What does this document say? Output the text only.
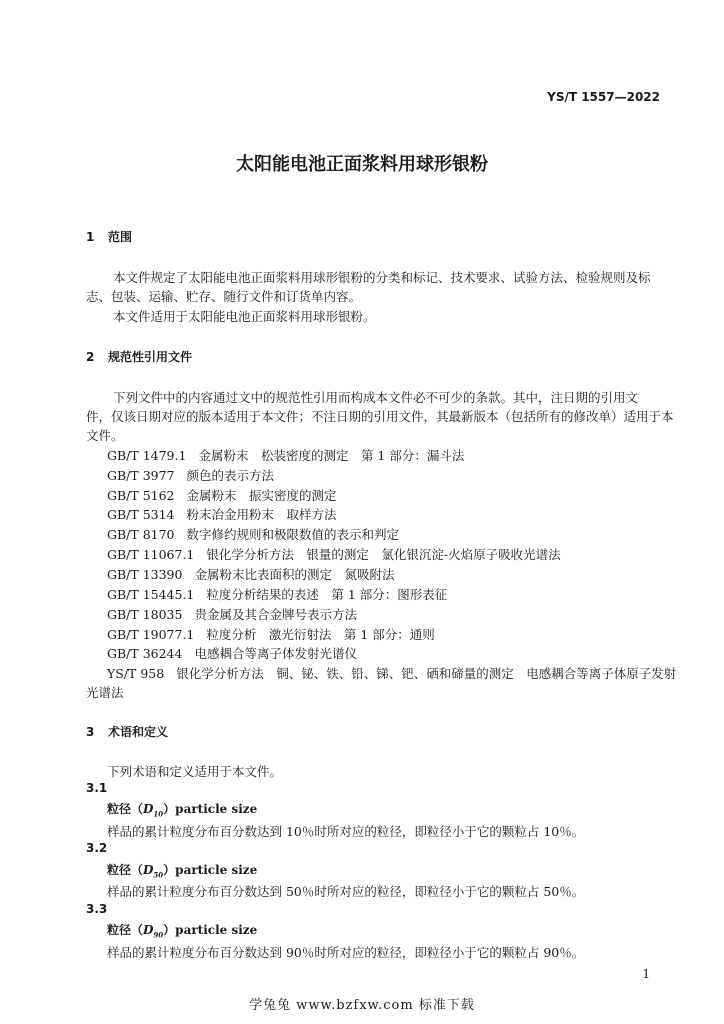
YS/T 1557—2022
太阳能电池正面浆料用球形银粉
1 范围
本文件规定了太阳能电池正面浆料用球形银粉的分类和标记、技术要求、试验方法、检验规则及标
志、包装、运输、贮存、随行文件和订货单内容。
本文件适用于太阳能电池正面浆料用球形银粉。
2 规范性引用文件
下列文件中的内容通过文中的规范性引用而构成本文件必不可少的条款。其中，注日期的引用文
件，仅该日期对应的版本适用于本文件；不注日期的引用文件，其最新版本（包括所有的修改单）适用于本
文件。
GB/T 1479.1 金属粉末　松装密度的测定　第 1 部分：漏斗法
GB/T 3977 颜色的表示方法
GB/T 5162 金属粉末　振实密度的测定
GB/T 5314 粉末冶金用粉末　取样方法
GB/T 8170 数字修约规则和极限数值的表示和判定
GB/T 11067.1 银化学分析方法　银量的测定　氯化银沉淀-火焰原子吸收光谱法
GB/T 13390 金属粉末比表面积的测定　氮吸附法
GB/T 15445.1 粒度分析结果的表述　第 1 部分：图形表征
GB/T 18035 贵金属及其合金牌号表示方法
GB/T 19077.1 粒度分析　激光衍射法　第 1 部分：通则
GB/T 36244 电感耦合等离子体发射光谱仪
YS/T 958 银化学分析方法　铜、铋、铁、铅、锑、钯、硒和碲量的测定　电感耦合等离子体原子发射
光谱法
3 术语和定义
下列术语和定义适用于本文件。
3.1
粒径$(D_{10})particle$ size
样品的累计粒度分布百分数达到 10％时所对应的粒径，即粒径小于它的颗粒占 10％。
3.2
粒径$(D_{50})particle$ size
样品的累计粒度分布百分数达到 50％时所对应的粒径，即粒径小于它的颗粒占 50％。
3.3
粒径$(D_{90})particle$ size
样品的累计粒度分布百分数达到 90％时所对应的粒径，即粒径小于它的颗粒占 90％。
1
学兔兔 www.bzfxw.com 标准下载
